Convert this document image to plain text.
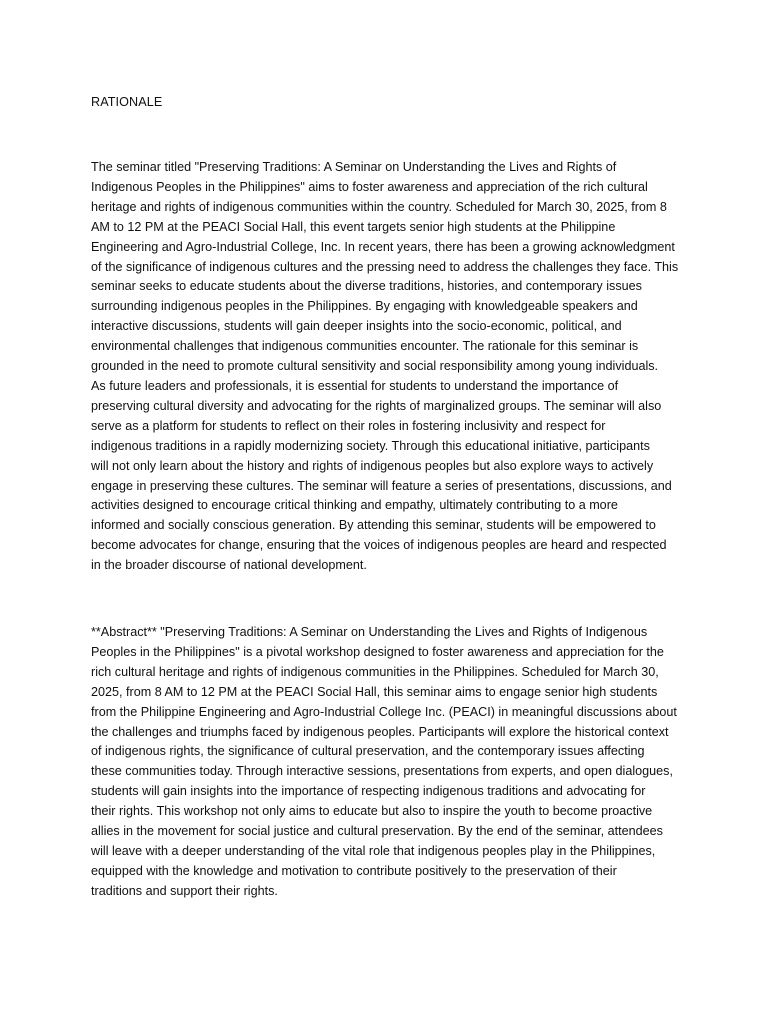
RATIONALE
The seminar titled "Preserving Traditions: A Seminar on Understanding the Lives and Rights of
Indigenous Peoples in the Philippines" aims to foster awareness and appreciation of the rich cultural
heritage and rights of indigenous communities within the country. Scheduled for March 30, 2025, from 8
AM to 12 PM at the PEACI Social Hall, this event targets senior high students at the Philippine
Engineering and Agro-Industrial College, Inc. In recent years, there has been a growing acknowledgment
of the significance of indigenous cultures and the pressing need to address the challenges they face. This
seminar seeks to educate students about the diverse traditions, histories, and contemporary issues
surrounding indigenous peoples in the Philippines. By engaging with knowledgeable speakers and
interactive discussions, students will gain deeper insights into the socio-economic, political, and
environmental challenges that indigenous communities encounter. The rationale for this seminar is
grounded in the need to promote cultural sensitivity and social responsibility among young individuals.
As future leaders and professionals, it is essential for students to understand the importance of
preserving cultural diversity and advocating for the rights of marginalized groups. The seminar will also
serve as a platform for students to reflect on their roles in fostering inclusivity and respect for
indigenous traditions in a rapidly modernizing society. Through this educational initiative, participants
will not only learn about the history and rights of indigenous peoples but also explore ways to actively
engage in preserving these cultures. The seminar will feature a series of presentations, discussions, and
activities designed to encourage critical thinking and empathy, ultimately contributing to a more
informed and socially conscious generation. By attending this seminar, students will be empowered to
become advocates for change, ensuring that the voices of indigenous peoples are heard and respected
in the broader discourse of national development.
**Abstract** "Preserving Traditions: A Seminar on Understanding the Lives and Rights of Indigenous
Peoples in the Philippines" is a pivotal workshop designed to foster awareness and appreciation for the
rich cultural heritage and rights of indigenous communities in the Philippines. Scheduled for March 30,
2025, from 8 AM to 12 PM at the PEACI Social Hall, this seminar aims to engage senior high students
from the Philippine Engineering and Agro-Industrial College Inc. (PEACI) in meaningful discussions about
the challenges and triumphs faced by indigenous peoples. Participants will explore the historical context
of indigenous rights, the significance of cultural preservation, and the contemporary issues affecting
these communities today. Through interactive sessions, presentations from experts, and open dialogues,
students will gain insights into the importance of respecting indigenous traditions and advocating for
their rights. This workshop not only aims to educate but also to inspire the youth to become proactive
allies in the movement for social justice and cultural preservation. By the end of the seminar, attendees
will leave with a deeper understanding of the vital role that indigenous peoples play in the Philippines,
equipped with the knowledge and motivation to contribute positively to the preservation of their
traditions and support their rights.
